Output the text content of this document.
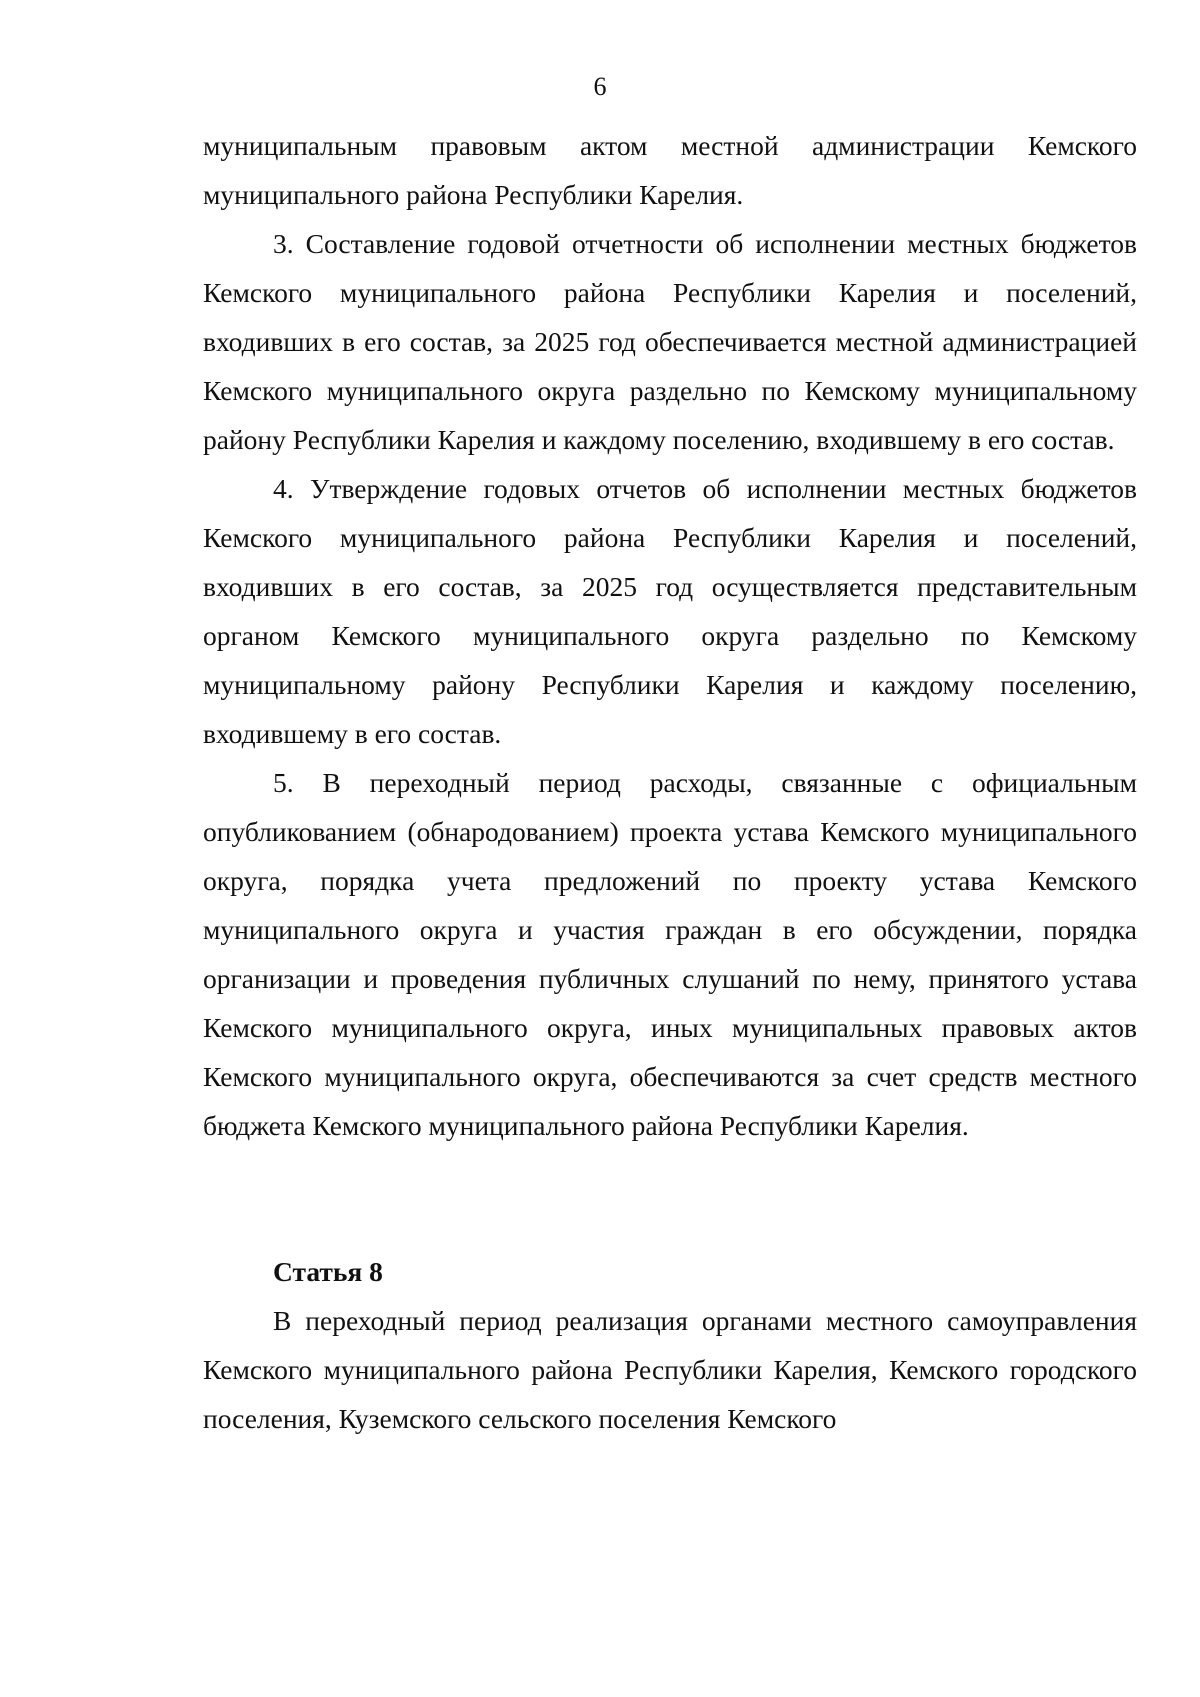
6

муниципальным правовым актом местной администрации Кемского муниципального района Республики Карелия.

3. Составление годовой отчетности об исполнении местных бюджетов Кемского муниципального района Республики Карелия и поселений, входивших в его состав, за 2025 год обеспечивается местной администрацией Кемского муниципального округа раздельно по Кемскому муниципальному району Республики Карелия и каждому поселению, входившему в его состав.

4. Утверждение годовых отчетов об исполнении местных бюджетов Кемского муниципального района Республики Карелия и поселений, входивших в его состав, за 2025 год осуществляется представительным органом Кемского муниципального округа раздельно по Кемскому муниципальному району Республики Карелия и каждому поселению, входившему в его состав.

5. В переходный период расходы, связанные с официальным опубликованием (обнародованием) проекта устава Кемского муниципального округа, порядка учета предложений по проекту устава Кемского муниципального округа и участия граждан в его обсуждении, порядка организации и проведения публичных слушаний по нему, принятого устава Кемского муниципального округа, иных муниципальных правовых актов Кемского муниципального округа, обеспечиваются за счет средств местного бюджета Кемского муниципального района Республики Карелия.

Статья 8

В переходный период реализация органами местного самоуправления Кемского муниципального района Республики Карелия, Кемского городского поселения, Куземского сельского поселения Кемского
